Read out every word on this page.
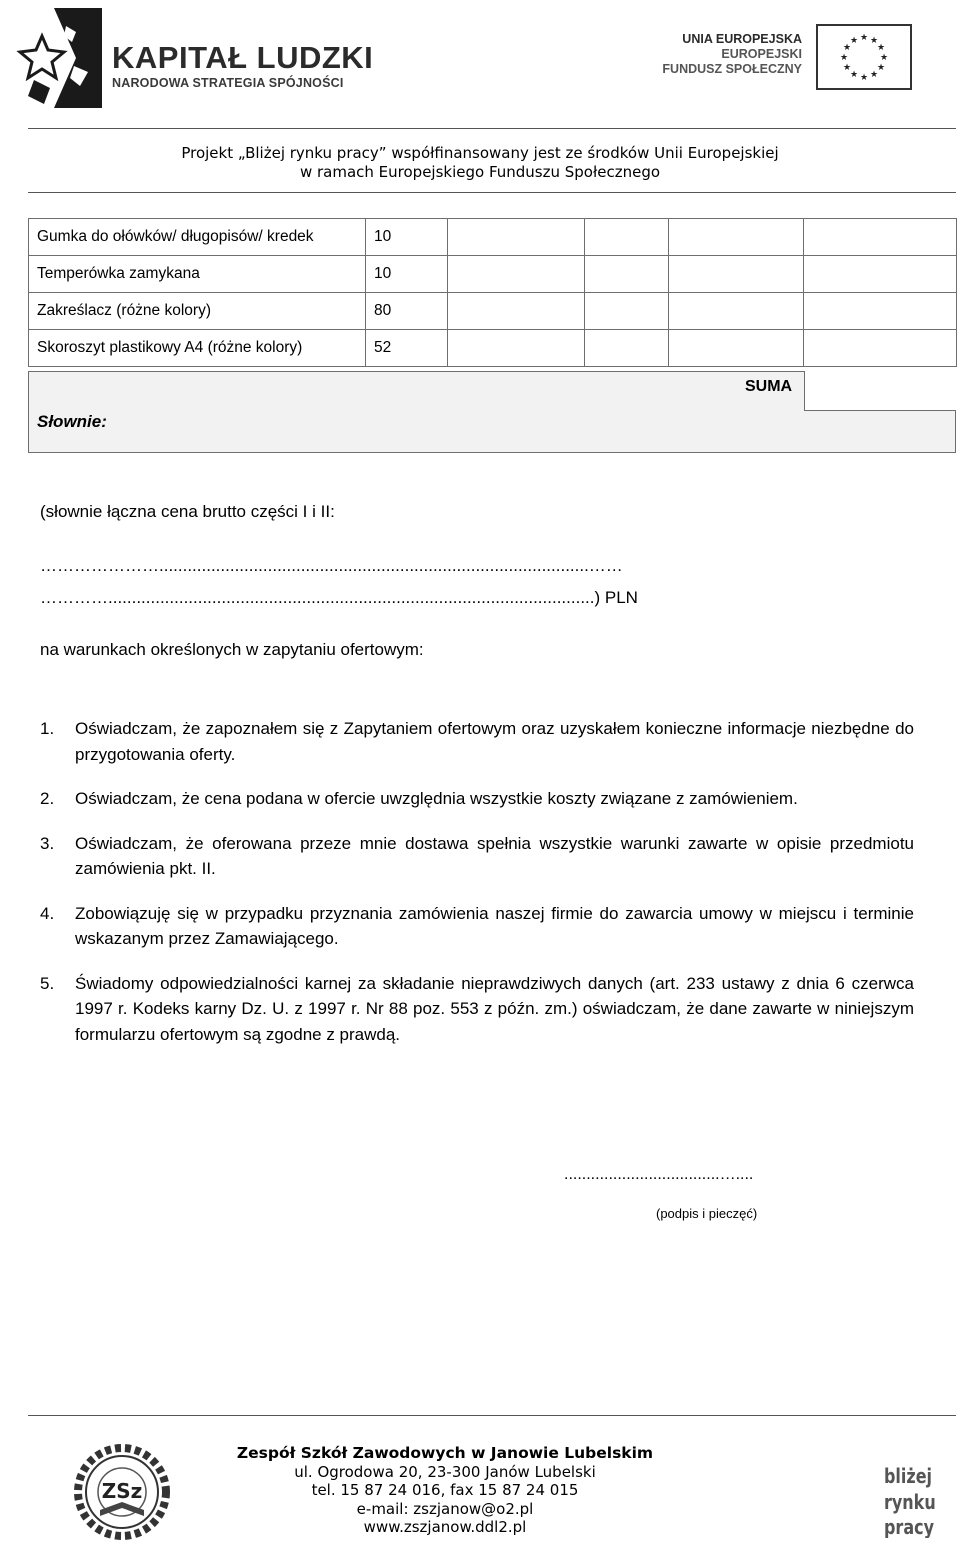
KAPITAŁ LUDZKI
NARODOWA STRATEGIA SPÓJNOŚCI
UNIA EUROPEJSKA
EUROPEJSKI
FUNDUSZ SPOŁECZNY
★ ★
★
★
★
★
★
★
★
★
★
★
Projekt „Bliżej rynku pracy” współfinansowany jest ze środków Unii Europejskiej
w ramach Europejskiego Funduszu Społecznego
Gumka do ołówków/ długopisów/ kredek	10				
Temperówka zamykana	10				
Zakreślacz (różne kolory)	80				
Skoroszyt plastikowy A4 (różne kolory)	52				
SUMA
Słownie:
(słownie łączna cena brutto części I i II:
…………………...........................................................................................……
………….......................................................................................................) PLN
na warunkach określonych w zapytaniu ofertowym:
1. Oświadczam, że zapoznałem się z Zapytaniem ofertowym oraz uzyskałem konieczne informacje niezbędne do przygotowania oferty.
2. Oświadczam, że cena podana w ofercie uwzględnia wszystkie koszty związane z zamówieniem.
3. Oświadczam, że oferowana przeze mnie dostawa spełnia wszystkie warunki zawarte w opisie przedmiotu zamówienia pkt. II.
4. Zobowiązuję się w przypadku przyznania zamówienia naszej firmie do zawarcia umowy w miejscu i terminie wskazanym przez Zamawiającego.
5. Świadomy odpowiedzialności karnej za składanie nieprawdziwych danych (art. 233 ustawy z dnia 6 czerwca 1997 r. Kodeks karny Dz. U. z 1997 r. Nr 88 poz. 553 z późn. zm.) oświadczam, że dane zawarte w niniejszym formularzu ofertowym są zgodne z prawdą.
...................................…....
(podpis i pieczęć)
ZSz
Zespół Szkół Zawodowych w Janowie Lubelskim
ul. Ogrodowa 20, 23-300 Janów Lubelski
tel. 15 87 24 016, fax 15 87 24 015
e-mail: zszjanow@o2.pl
www.zszjanow.ddl2.pl
bliżej
rynku
pracy
